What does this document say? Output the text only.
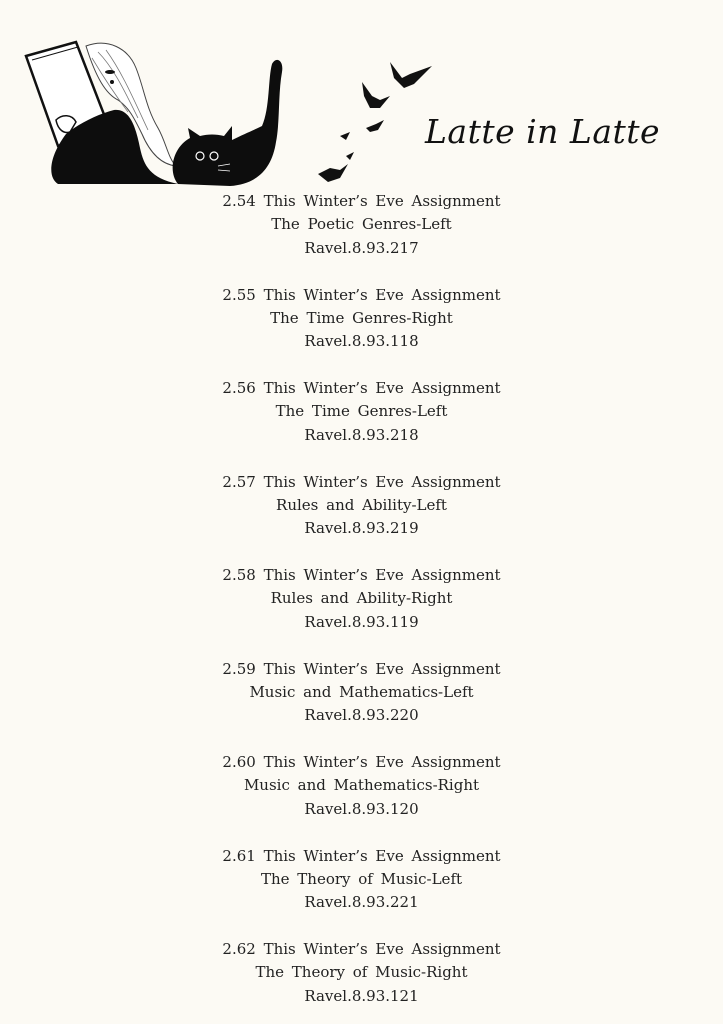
Latte in Latte
2.54 This Winter’s Eve Assignment
The Poetic Genres-Left
Ravel.8.93.217
2.55 This Winter’s Eve Assignment
The Time Genres-Right
Ravel.8.93.118
2.56 This Winter’s Eve Assignment
The Time Genres-Left
Ravel.8.93.218
2.57 This Winter’s Eve Assignment
Rules and Ability-Left
Ravel.8.93.219
2.58 This Winter’s Eve Assignment
Rules and Ability-Right
Ravel.8.93.119
2.59 This Winter’s Eve Assignment
Music and Mathematics-Left
Ravel.8.93.220
2.60 This Winter’s Eve Assignment
Music and Mathematics-Right
Ravel.8.93.120
2.61 This Winter’s Eve Assignment
The Theory of Music-Left
Ravel.8.93.221
2.62 This Winter’s Eve Assignment
The Theory of Music-Right
Ravel.8.93.121
